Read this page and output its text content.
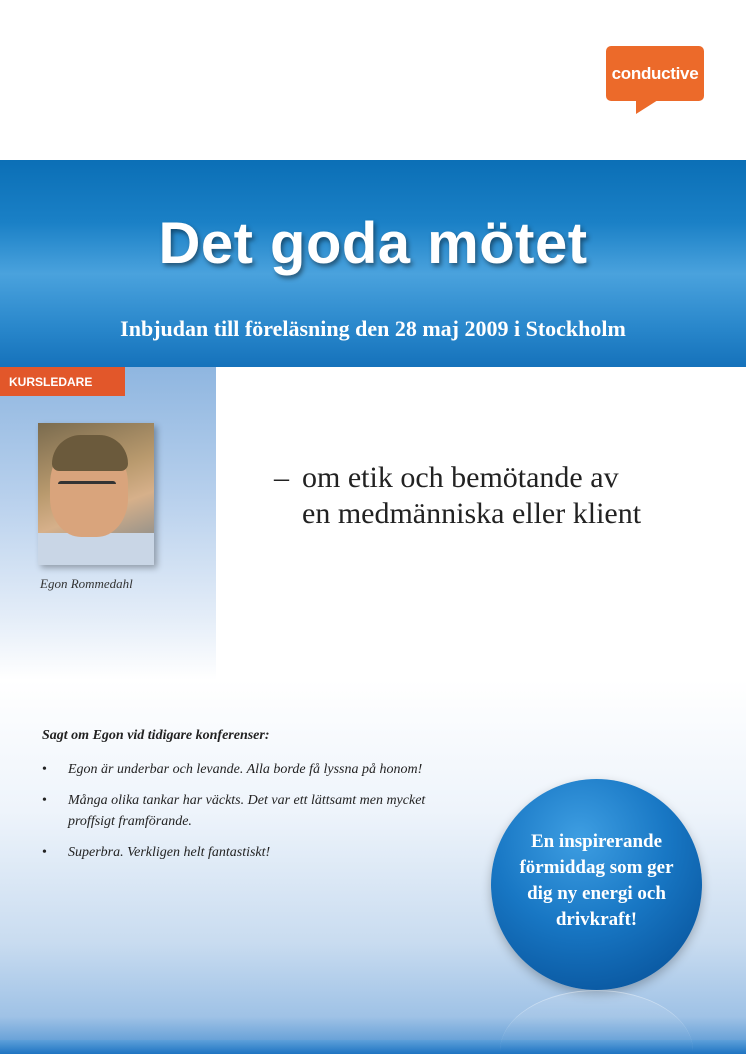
conductive
Det goda mötet
Inbjudan till föreläsning den 28 maj 2009 i Stockholm
KURSLEDARE
Egon Rommedahl
– om etik och bemötande av
en medmänniska eller klient
Sagt om Egon vid tidigare konferenser:
• Egon är underbar och levande. Alla borde få lyssna på honom!
• Många olika tankar har väckts. Det var ett lättsamt men mycket proffsigt framförande.
• Superbra. Verkligen helt fantastiskt!
En inspirerande förmiddag som ger dig ny energi och drivkraft!
